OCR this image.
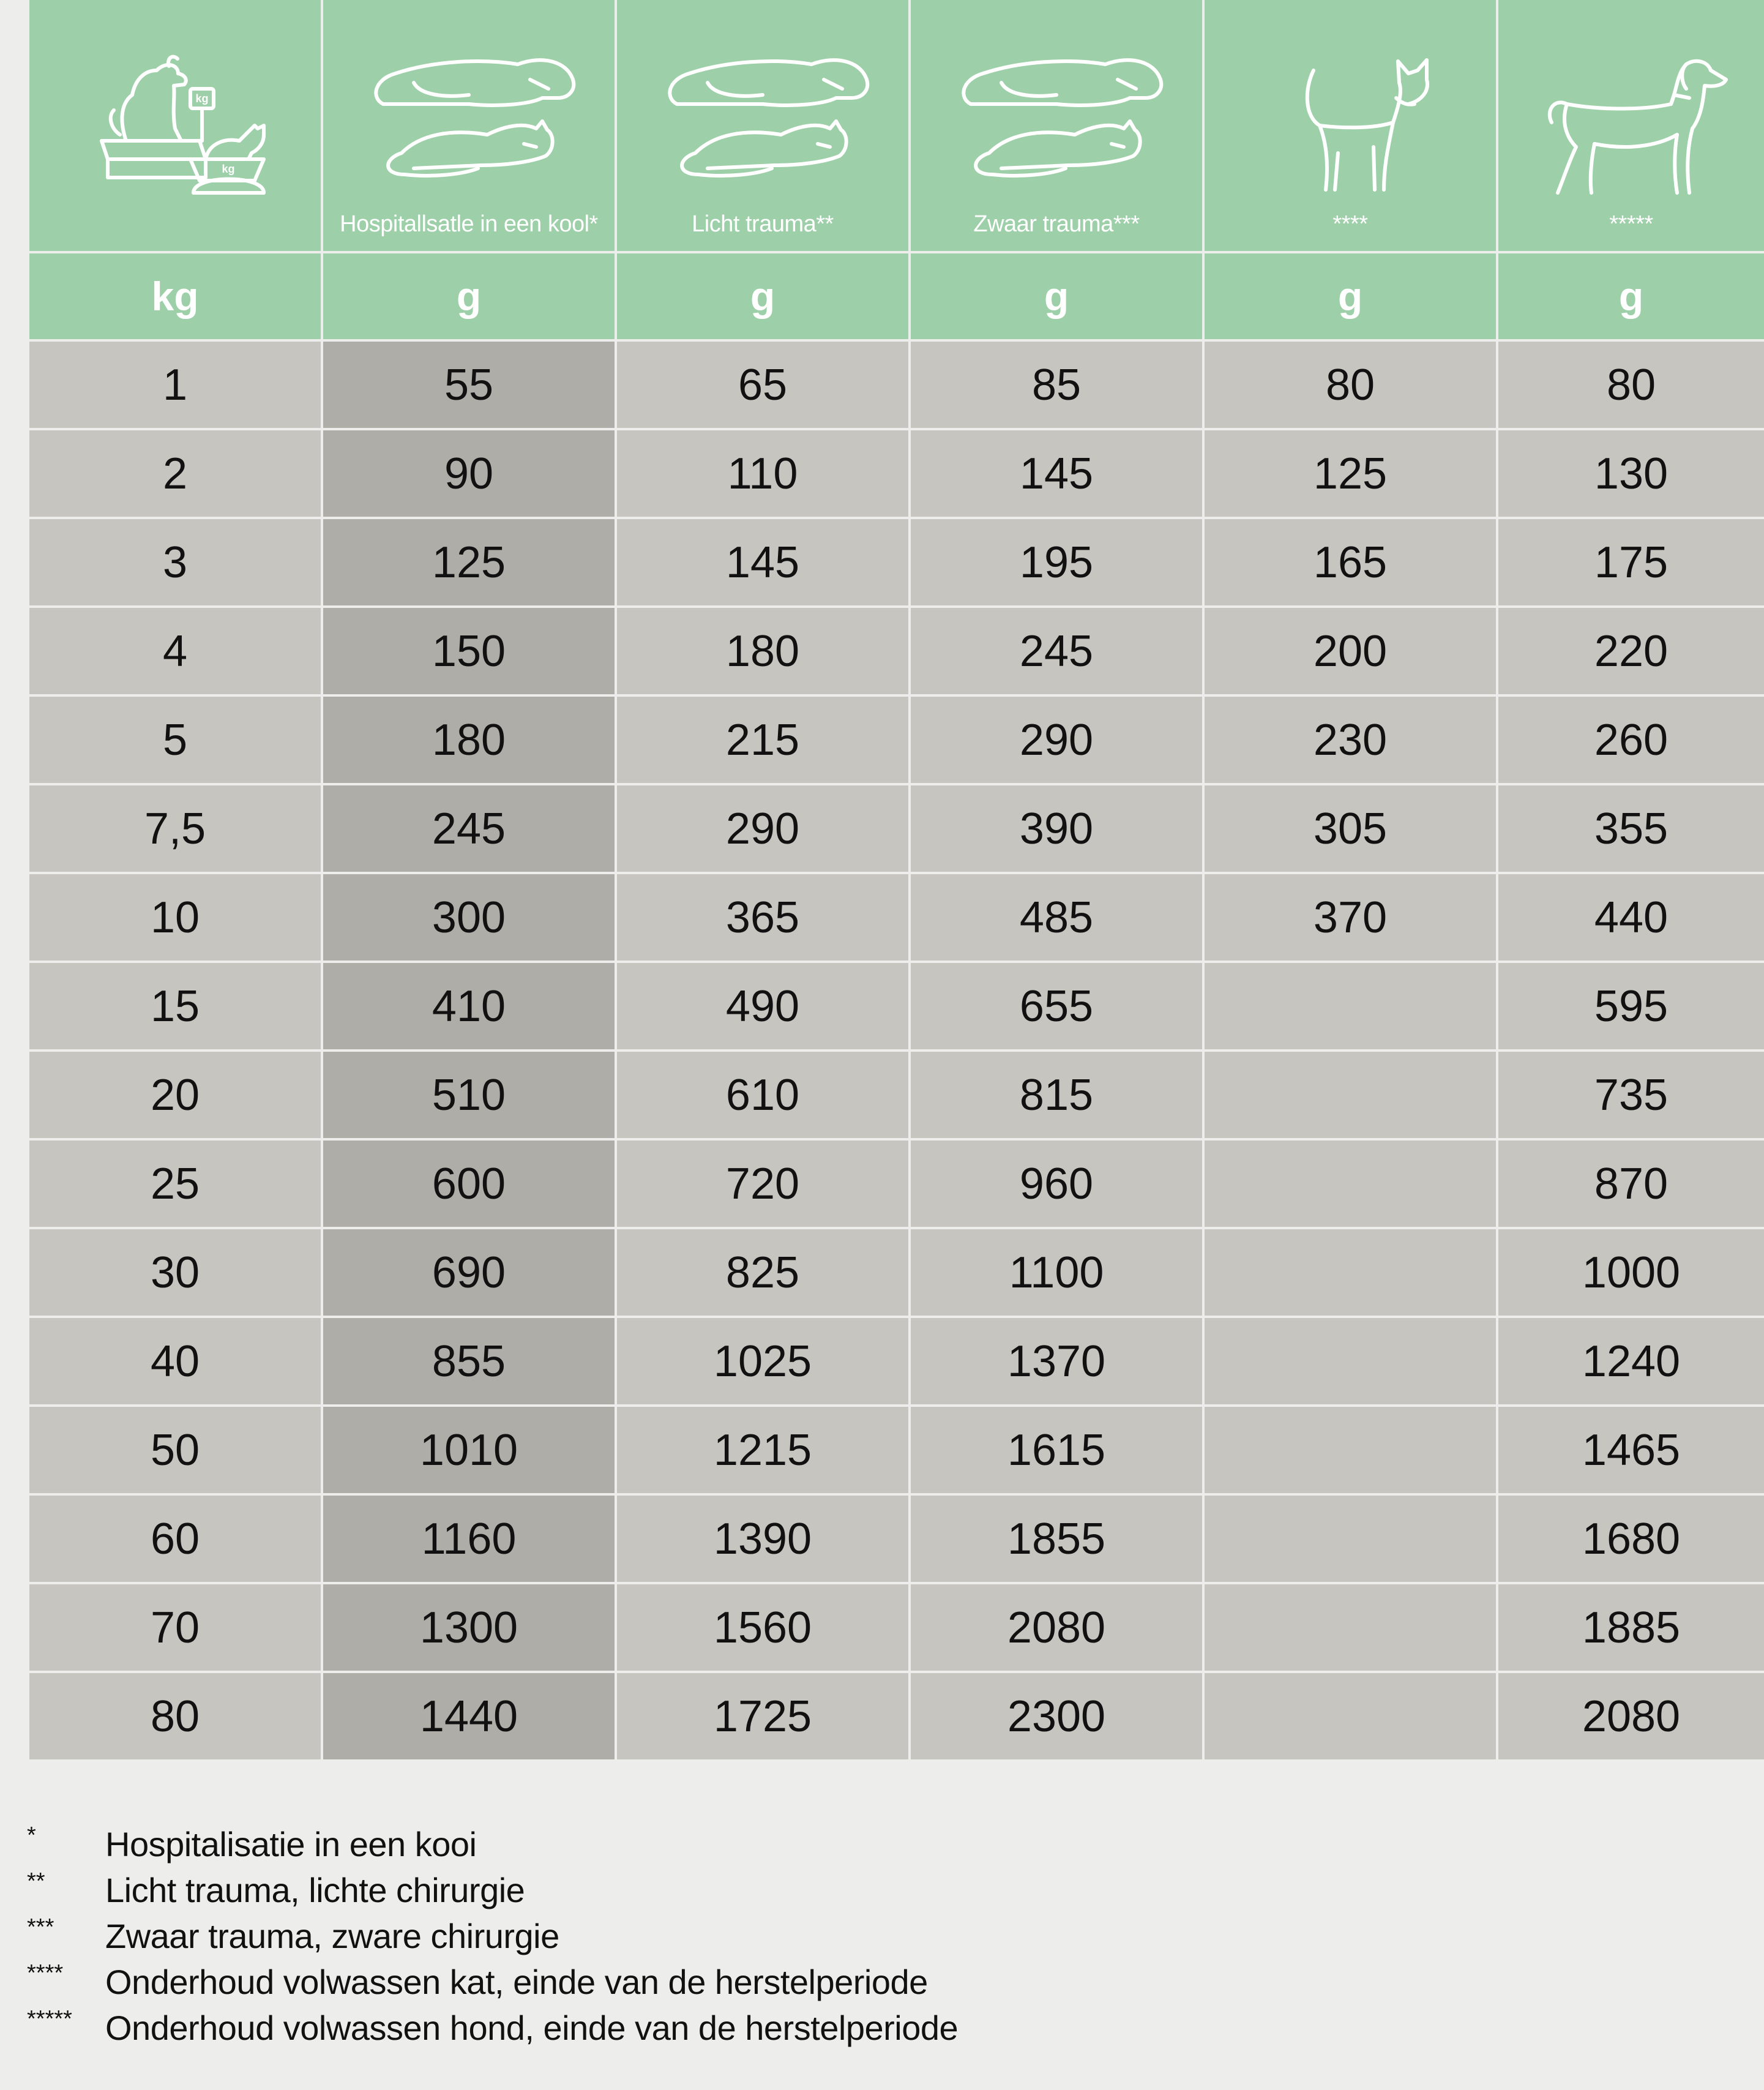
kg
kg	Hospitallsatle in een kool*	Licht trauma**	Zwaar trauma***	****	*****

kg	g	g	g	g	g
1	55	65	85	80	80
2	90	110	145	125	130
3	125	145	195	165	175
4	150	180	245	200	220
5	180	215	290	230	260
7,5	245	290	390	305	355
10	300	365	485	370	440
15	410	490	655		595
20	510	610	815		735
25	600	720	960		870
30	690	825	1100		1000
40	855	1025	1370		1240
50	1010	1215	1615		1465
60	1160	1390	1855		1680
70	1300	1560	2080		1885
80	1440	1725	2300		2080
*	Hospitalisatie in een kooi
**	Licht trauma, lichte chirurgie
***	Zwaar trauma, zware chirurgie
****	Onderhoud volwassen kat, einde van de herstelperiode
***** Onderhoud volwassen hond, einde van de herstelperiode
